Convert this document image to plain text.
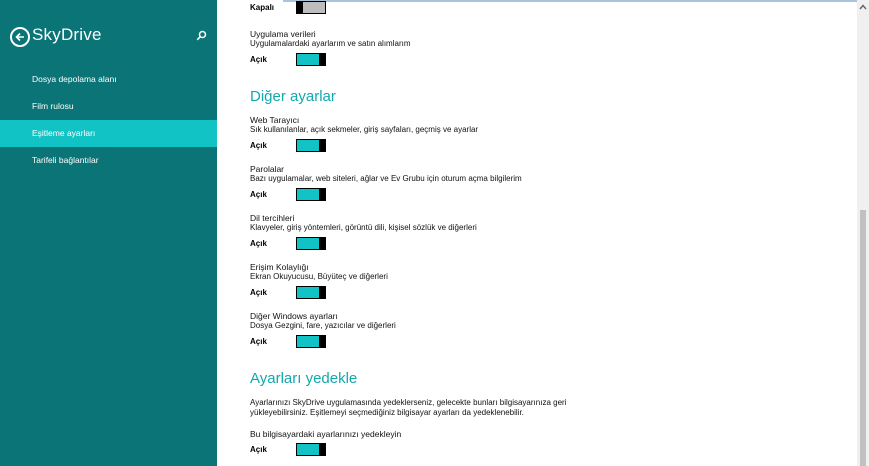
SkyDrive
Dosya depolama alanı
Film rulosu
Eşitleme ayarları
Tarifeli bağlantılar
Kapalı
Uygulama verileri
Uygulamalardaki ayarlarım ve satın alımlarım
Açık
Diğer ayarlar
Web Tarayıcı
Sık kullanılanlar, açık sekmeler, giriş sayfaları, geçmiş ve ayarlar
Açık
Parolalar
Bazı uygulamalar, web siteleri, ağlar ve Ev Grubu için oturum açma bilgilerim
Açık
Dil tercihleri
Klavyeler, giriş yöntemleri, görüntü dili, kişisel sözlük ve diğerleri
Açık
Erişim Kolaylığı
Ekran Okuyucusu, Büyüteç ve diğerleri
Açık
Diğer Windows ayarları
Dosya Gezgini, fare, yazıcılar ve diğerleri
Açık
Ayarları yedekle
Ayarlarınızı SkyDrive uygulamasında yedeklerseniz, gelecekte bunları bilgisayarınıza geri
yükleyebilirsiniz. Eşitlemeyi seçmediğiniz bilgisayar ayarları da yedeklenebilir.
Bu bilgisayardaki ayarlarınızı yedekleyin
Açık
